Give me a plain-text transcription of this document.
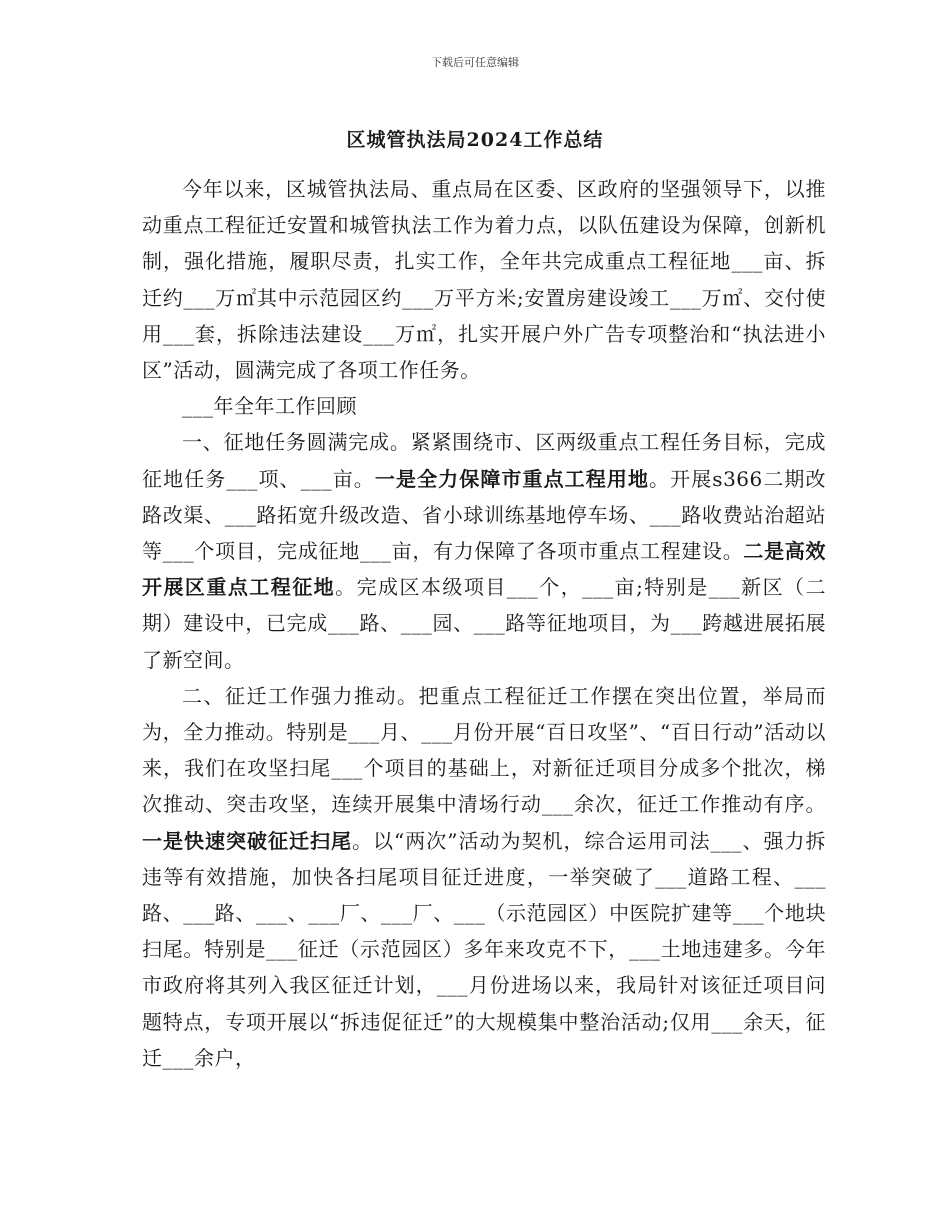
下载后可任意编辑
区城管执法局2024工作总结

今年以来，区城管执法局、重点局在区委、区政府的坚强领导下，以推动重点工程征迁安置和城管执法工作为着力点，以队伍建设为保障，创新机制，强化措施，履职尽责，扎实工作，全年共完成重点工程征地___亩、拆迁约___万㎡其中示范园区约___万平方米;安置房建设竣工___万㎡、交付使用___套，拆除违法建设___万㎡，扎实开展户外广告专项整治和“执法进小区”活动，圆满完成了各项工作任务。

___年全年工作回顾

一、征地任务圆满完成。紧紧围绕市、区两级重点工程任务目标，完成征地任务___项、___亩。一是全力保障市重点工程用地。开展s366二期改路改渠、___路拓宽升级改造、省小球训练基地停车场、___路收费站治超站等___个项目，完成征地___亩，有力保障了各项市重点工程建设。二是高效开展区重点工程征地。完成区本级项目___个，___亩;特别是___新区（二期）建设中，已完成___路、___园、___路等征地项目，为___跨越进展拓展了新空间。

二、征迁工作强力推动。把重点工程征迁工作摆在突出位置，举局而为，全力推动。特别是___月、___月份开展“百日攻坚”、“百日行动”活动以来，我们在攻坚扫尾___个项目的基础上，对新征迁项目分成多个批次，梯次推动、突击攻坚，连续开展集中清场行动___余次，征迁工作推动有序。一是快速突破征迁扫尾。以“两次”活动为契机，综合运用司法___、强力拆违等有效措施，加快各扫尾项目征迁进度，一举突破了___道路工程、___路、___路、___、___厂、___厂、___（示范园区）中医院扩建等___个地块扫尾。特别是___征迁（示范园区）多年来攻克不下，___土地违建多。今年市政府将其列入我区征迁计划，___月份进场以来，我局针对该征迁项目问题特点，专项开展以“拆违促征迁”的大规模集中整治活动;仅用___余天，征迁___余户，
